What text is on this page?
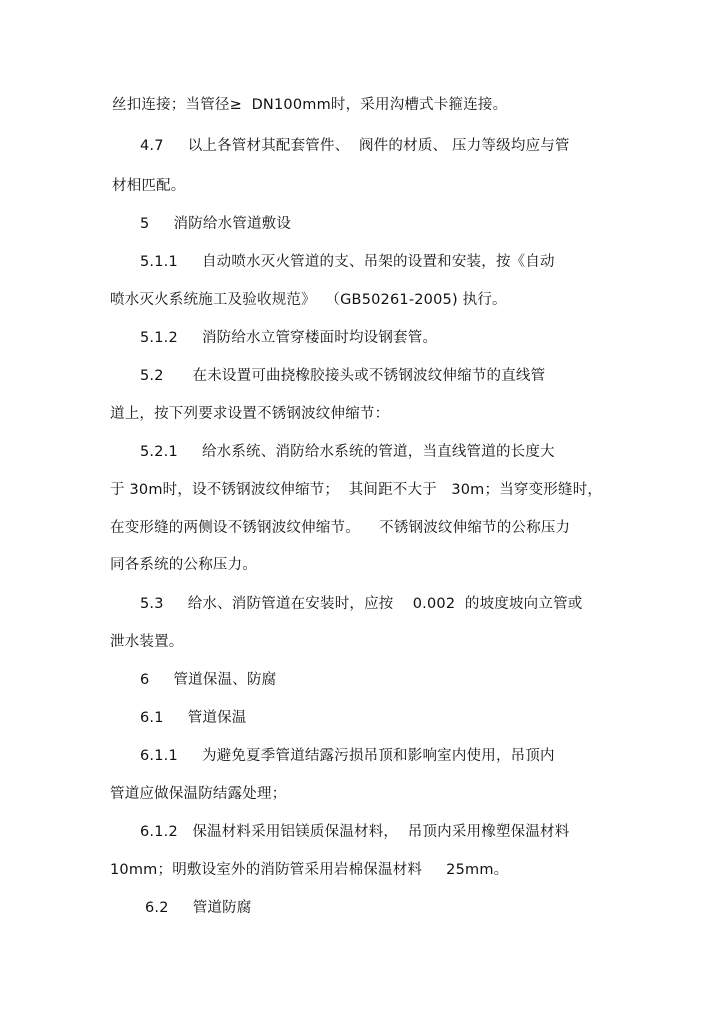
丝扣连接；当管径≥  DN100mm时，采用沟槽式卡箍连接。
4.7     以上各管材其配套管件、  阀件的材质、 压力等级均应与管
材相匹配。
5     消防给水管道敷设
5.1.1     自动喷水灭火管道的支、吊架的设置和安装，按《自动
喷水灭火系统施工及验收规范》  （GB50261-2005) 执行。
5.1.2     消防给水立管穿楼面时均设钢套管。
5.2      在未设置可曲挠橡胶接头或不锈钢波纹伸缩节的直线管
道上，按下列要求设置不锈钢波纹伸缩节：
5.2.1     给水系统、消防给水系统的管道，当直线管道的长度大
于 30m时，设不锈钢波纹伸缩节；  其间距不大于   30m；当穿变形缝时，
在变形缝的两侧设不锈钢波纹伸缩节。    不锈钢波纹伸缩节的公称压力
同各系统的公称压力。
5.3     给水、消防管道在安装时，应按    0.002  的坡度坡向立管或
泄水装置。
6     管道保温、防腐
6.1     管道保温
6.1.1     为避免夏季管道结露污损吊顶和影响室内使用，吊顶内
管道应做保温防结露处理；
6.1.2   保温材料采用铝镁质保温材料，  吊顶内采用橡塑保温材料
10mm；明敷设室外的消防管采用岩棉保温材料     25mm。
6.2     管道防腐
